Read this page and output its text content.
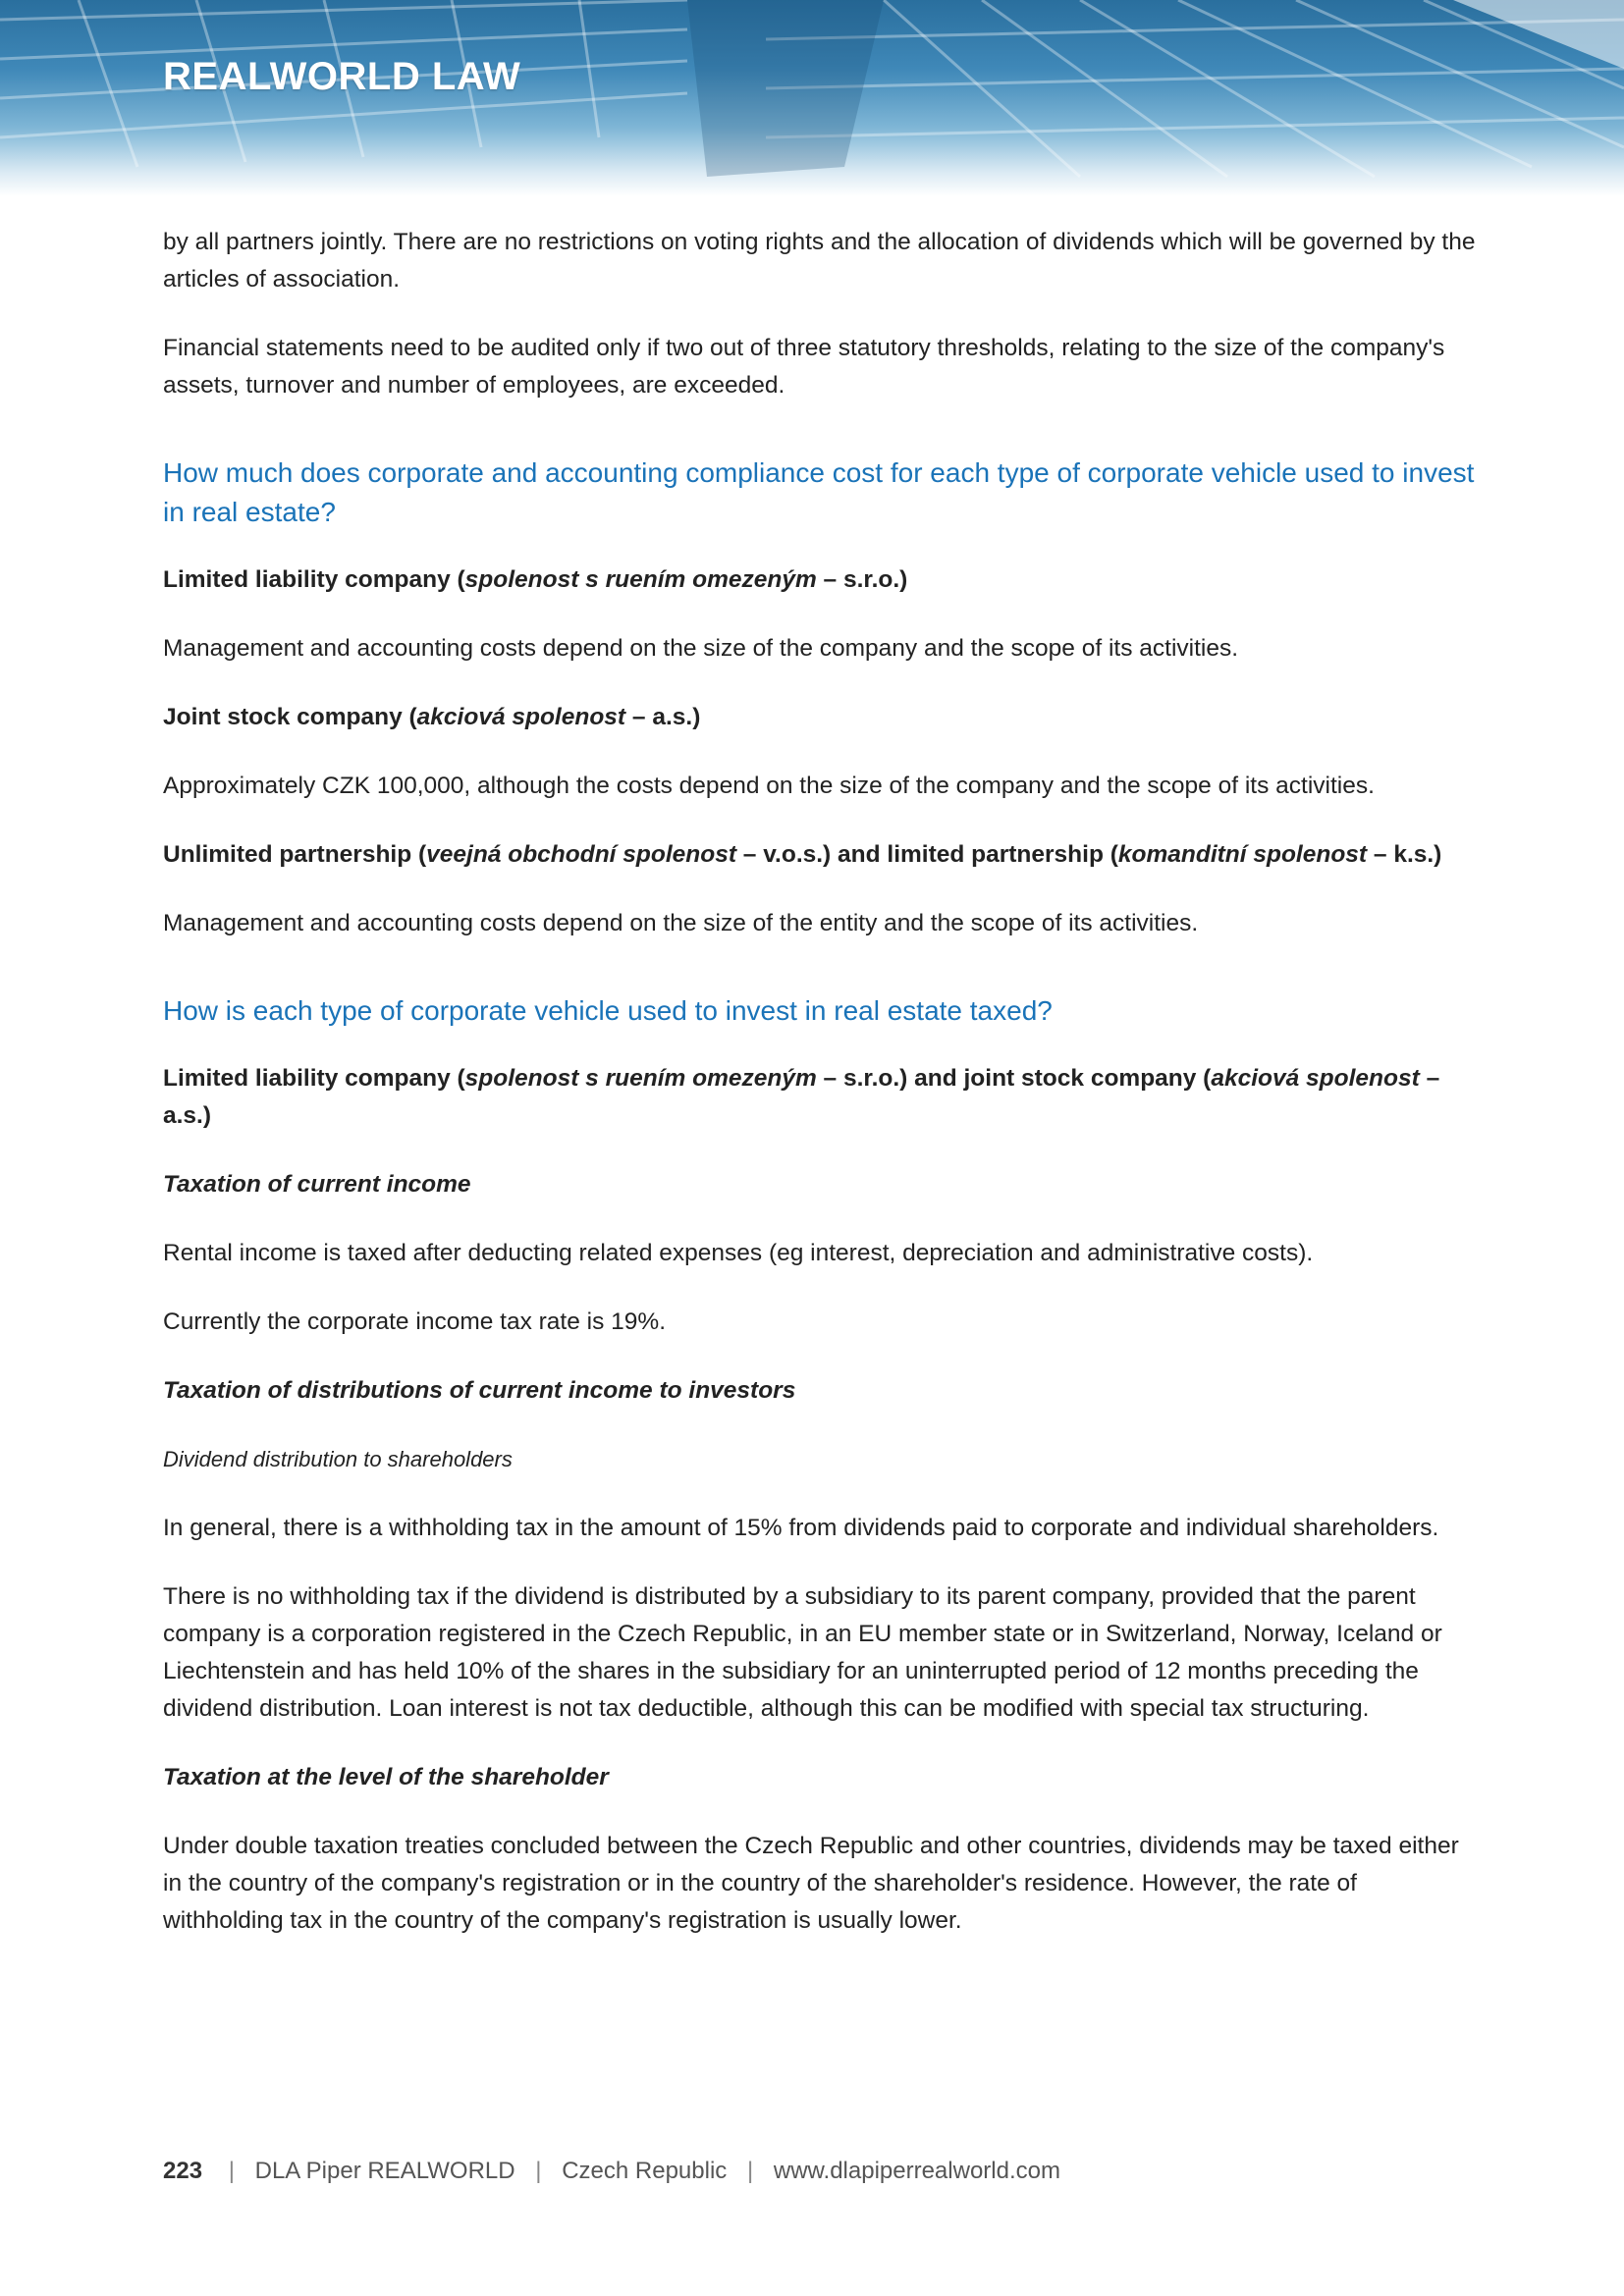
REALWORLD LAW

by all partners jointly. There are no restrictions on voting rights and the allocation of dividends which will be governed by the articles of association.

Financial statements need to be audited only if two out of three statutory thresholds, relating to the size of the company's assets, turnover and number of employees, are exceeded.

How much does corporate and accounting compliance cost for each type of corporate vehicle used to invest in real estate?
Limited liability company (spolenost s ruením omezeným – s.r.o.)

Management and accounting costs depend on the size of the company and the scope of its activities.

Joint stock company (akciová spolenost – a.s.)

Approximately CZK 100,000, although the costs depend on the size of the company and the scope of its activities.

Unlimited partnership (veejná obchodní spolenost – v.o.s.) and limited partnership (komanditní spolenost – k.s.)

Management and accounting costs depend on the size of the entity and the scope of its activities.

How is each type of corporate vehicle used to invest in real estate taxed?
Limited liability company (spolenost s ruením omezeným – s.r.o.) and joint stock company (akciová spolenost – a.s.)
Taxation of current income

Rental income is taxed after deducting related expenses (eg interest, depreciation and administrative costs).

Currently the corporate income tax rate is 19%.

Taxation of distributions of current income to investors
Dividend distribution to shareholders

In general, there is a withholding tax in the amount of 15% from dividends paid to corporate and individual shareholders.

There is no withholding tax if the dividend is distributed by a subsidiary to its parent company, provided that the parent company is a corporation registered in the Czech Republic, in an EU member state or in Switzerland, Norway, Iceland or Liechtenstein and has held 10% of the shares in the subsidiary for an uninterrupted period of 12 months preceding the dividend distribution. Loan interest is not tax deductible, although this can be modified with special tax structuring.

Taxation at the level of the shareholder

Under double taxation treaties concluded between the Czech Republic and other countries, dividends may be taxed either in the country of the company's registration or in the country of the shareholder's residence. However, the rate of withholding tax in the country of the company's registration is usually lower.

223 | DLA Piper REALWORLD | Czech Republic | www.dlapiperrealworld.com
